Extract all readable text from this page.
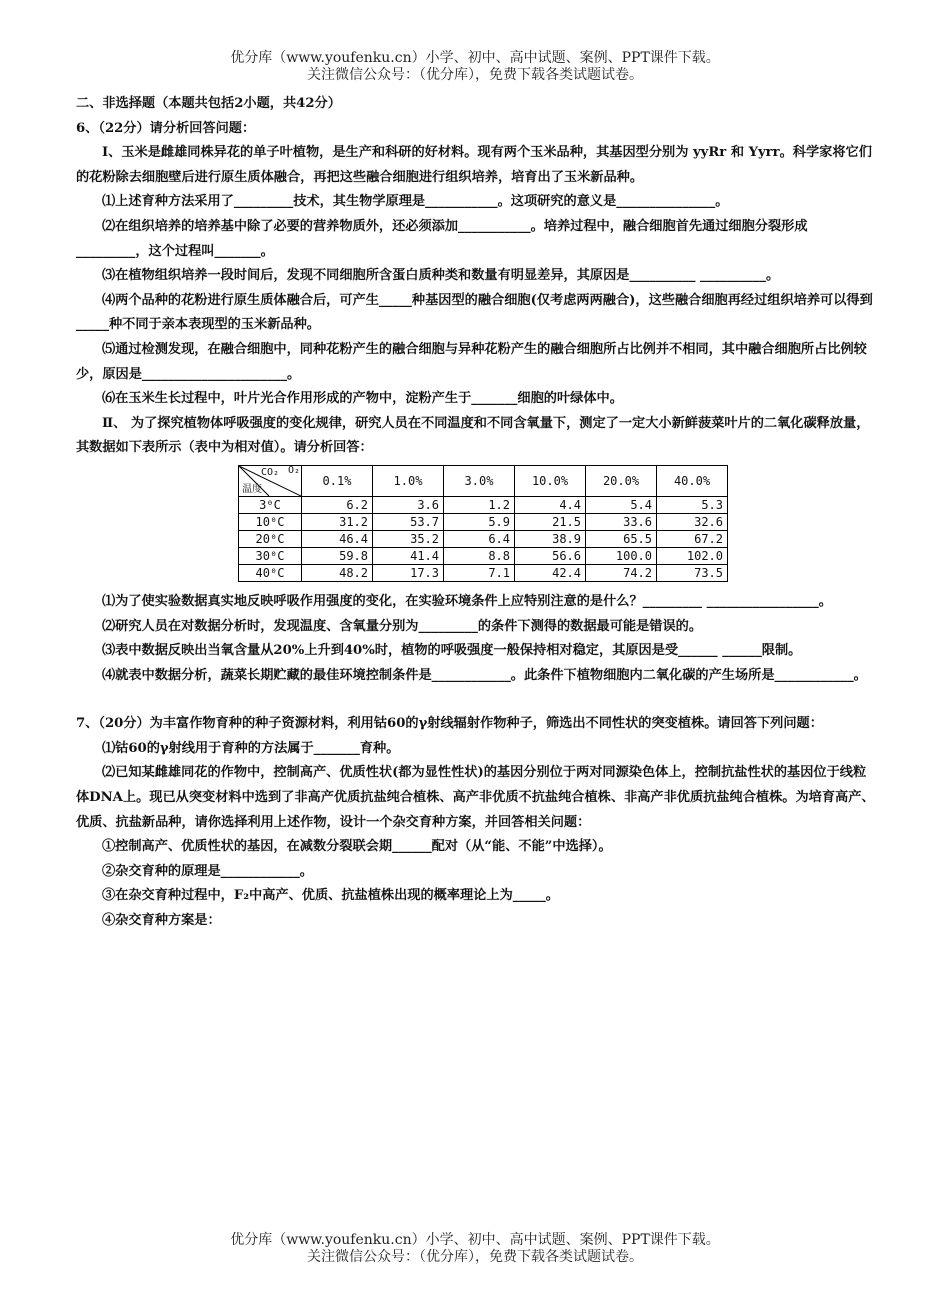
优分库（www.youfenku.cn）小学、初中、高中试题、案例、PPT课件下载。
关注微信公众号：（优分库），免费下载各类试题试卷。

二、非选择题（本题共包括2小题，共42分）

6、（22分）请分析回答问题：

Ⅰ、玉米是雌雄同株异花的单子叶植物，是生产和科研的好材料。现有两个玉米品种，其基因型分别为 yyRr 和 Yyrr。科学家将它们的花粉除去细胞壁后进行原生质体融合，再把这些融合细胞进行组织培养，培育出了玉米新品种。

⑴上述育种方法采用了_________技术，其生物学原理是___________。这项研究的意义是_______________。

⑵在组织培养的培养基中除了必要的营养物质外，还必须添加___________。培养过程中，融合细胞首先通过细胞分裂形成_________，这个过程叫_______。

⑶在植物组织培养一段时间后，发现不同细胞所含蛋白质种类和数量有明显差异，其原因是__________ __________。

⑷两个品种的花粉进行原生质体融合后，可产生_____种基因型的融合细胞(仅考虑两两融合)，这些融合细胞再经过组织培养可以得到_____种不同于亲本表现型的玉米新品种。

⑸通过检测发现，在融合细胞中，同种花粉产生的融合细胞与异种花粉产生的融合细胞所占比例并不相同，其中融合细胞所占比例较少，原因是______________________。

⑹在玉米生长过程中，叶片光合作用形成的产物中，淀粉产生于_______细胞的叶绿体中。

Ⅱ、 为了探究植物体呼吸强度的变化规律，研究人员在不同温度和不同含氧量下，测定了一定大小新鲜菠菜叶片的二氧化碳释放量，其数据如下表所示（表中为相对值）。请分析回答：

CO₂ O₂
温度	0.1%	1.0%	3.0%	10.0%	20.0%	40.0%
3⁰C	6.2	3.6	1.2	4.4	5.4	5.3
10⁰C	31.2	53.7	5.9	21.5	33.6	32.6
20⁰C	46.4	35.2	6.4	38.9	65.5	67.2
30⁰C	59.8	41.4	8.8	56.6	100.0	102.0
40⁰C	48.2	17.3	7.1	42.4	74.2	73.5

⑴为了使实验数据真实地反映呼吸作用强度的变化，在实验环境条件上应特别注意的是什么？_________ _________________。

⑵研究人员在对数据分析时，发现温度、含氧量分别为_________的条件下测得的数据最可能是错误的。

⑶表中数据反映出当氧含量从20%上升到40%时，植物的呼吸强度一般保持相对稳定，其原因是受______ ______限制。

⑷就表中数据分析，蔬菜长期贮藏的最佳环境控制条件是____________。此条件下植物细胞内二氧化碳的产生场所是____________。

7、（20分）为丰富作物育种的种子资源材料，利用钴60的γ射线辐射作物种子，筛选出不同性状的突变植株。请回答下列问题：

⑴钴60的γ射线用于育种的方法属于_______育种。

⑵已知某雌雄同花的作物中，控制高产、优质性状(都为显性性状)的基因分别位于两对同源染色体上，控制抗盐性状的基因位于线粒体DNA上。现已从突变材料中选到了非高产优质抗盐纯合植株、高产非优质不抗盐纯合植株、非高产非优质抗盐纯合植株。为培育高产、优质、抗盐新品种，请你选择利用上述作物，设计一个杂交育种方案，并回答相关问题：

①控制高产、优质性状的基因，在减数分裂联会期______配对（从“能、不能”中选择）。

②杂交育种的原理是____________。

③在杂交育种过程中，F₂中高产、优质、抗盐植株出现的概率理论上为_____。

④杂交育种方案是：

优分库（www.youfenku.cn）小学、初中、高中试题、案例、PPT课件下载。
关注微信公众号：（优分库），免费下载各类试题试卷。
